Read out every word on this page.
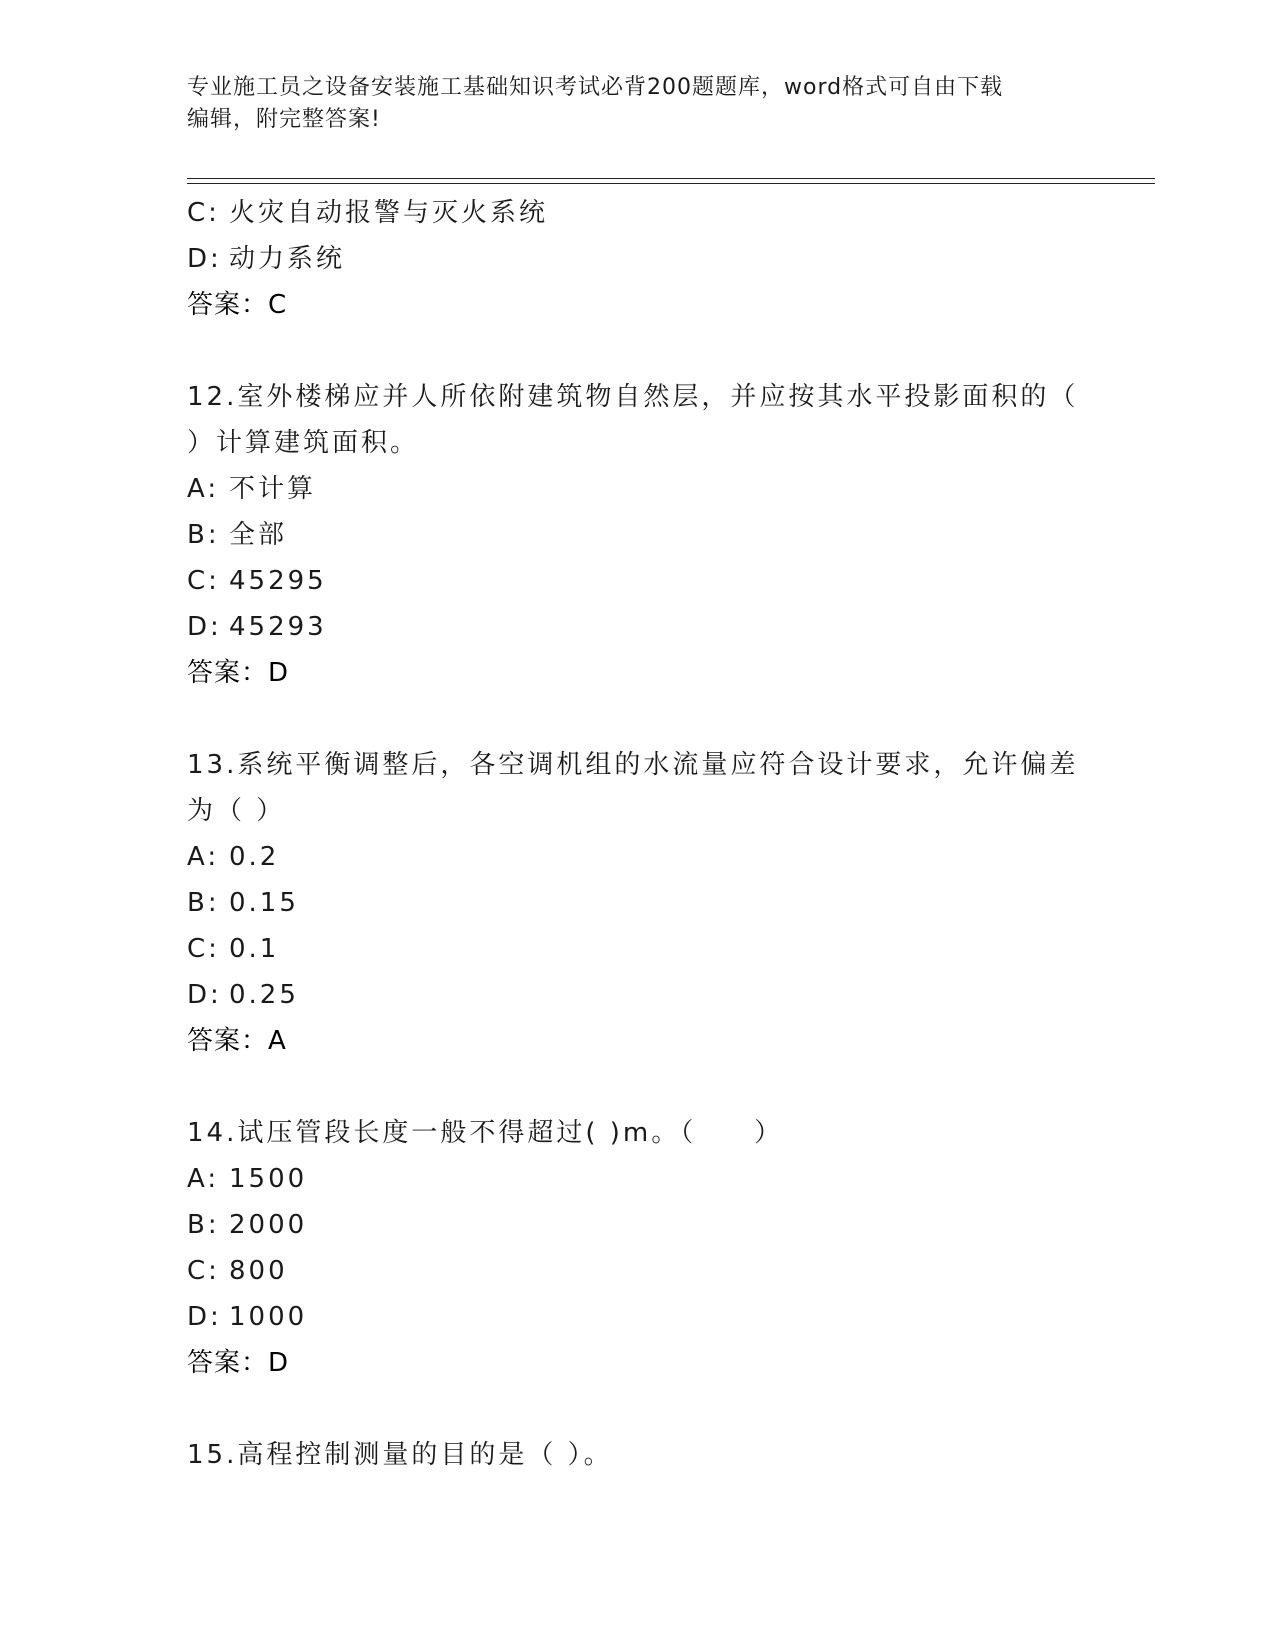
专业施工员之设备安装施工基础知识考试必背200题题库，word格式可自由下载
编辑，附完整答案!
C: 火灾自动报警与灭火系统
D: 动力系统
答案：C
12.室外楼梯应并人所依附建筑物自然层，并应按其水平投影面积的（
）计算建筑面积。
A: 不计算
B: 全部
C: 45295
D: 45293
答案：D
13.系统平衡调整后，各空调机组的水流量应符合设计要求，允许偏差
为（ ）
A: 0.2
B: 0.15
C: 0.1
D: 0.25
答案：A
14.试压管段长度一般不得超过( )m。（　　）
A: 1500
B: 2000
C: 800
D: 1000
答案：D
15.高程控制测量的目的是（ ）。
